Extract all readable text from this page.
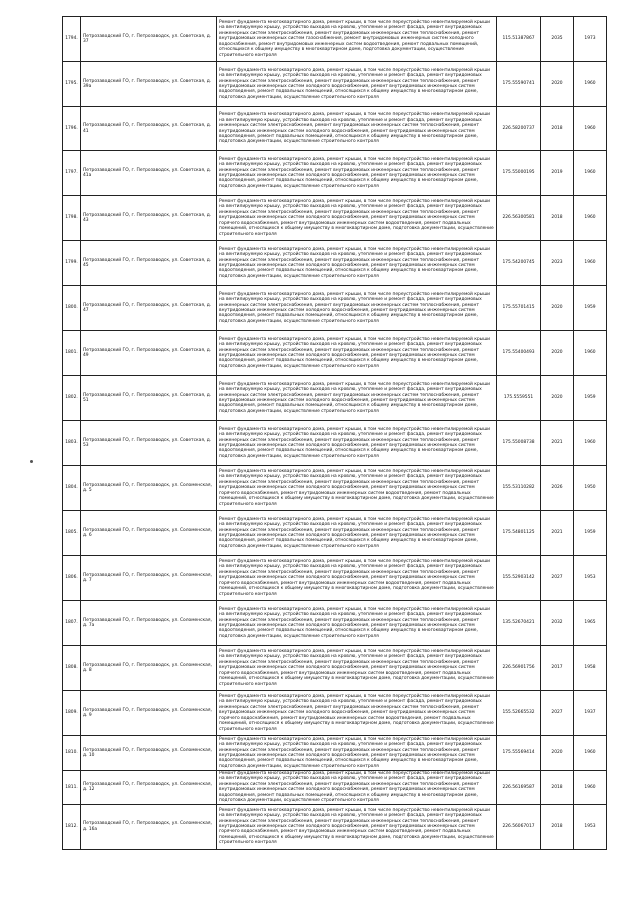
1794.	Петрозаводский ГО, г. Петрозаводск, ул. Советская, д. 37	Ремонт фундамента многоквартирного дома, ремонт крыши, в том числе переустройство невентилируемой крыши на вентилируемую крышу, устройство выходов на кровлю, утепление и ремонт фасада, ремонт внутридомовых инженерных систем электроснабжения, ремонт внутридомовых инженерных систем теплоснабжения, ремонт внутридомовых инженерных систем газоснабжения, ремонт внутридомовых инженерных систем холодного водоснабжения, ремонт внутридомовых инженерных систем водоотведения, ремонт подвальных помещений, относящихся к общему имуществу в многоквартирном доме, подготовка документации, осуществление строительного контроля	115.51387867	2035	1973
1795.	Петрозаводский ГО, г. Петрозаводск, ул. Советская, д. 39а	Ремонт фундамента многоквартирного дома, ремонт крыши, в том числе переустройство невентилируемой крыши на вентилируемую крышу, устройство выходов на кровлю, утепление и ремонт фасада, ремонт внутридомовых инженерных систем электроснабжения, ремонт внутридомовых инженерных систем теплоснабжения, ремонт внутридомовых инженерных систем холодного водоснабжения, ремонт внутридомовых инженерных систем водоотведения, ремонт подвальных помещений, относящихся к общему имуществу в многоквартирном доме, подготовка документации, осуществление строительного контроля	175.55590741	2020	1960
1796.	Петрозаводский ГО, г. Петрозаводск, ул. Советская, д. 41	Ремонт фундамента многоквартирного дома, ремонт крыши, в том числе переустройство невентилируемой крыши на вентилируемую крышу, устройство выходов на кровлю, утепление и ремонт фасада, ремонт внутридомовых инженерных систем электроснабжения, ремонт внутридомовых инженерных систем теплоснабжения, ремонт внутридомовых инженерных систем холодного водоснабжения, ремонт внутридомовых инженерных систем водоотведения, ремонт подвальных помещений, относящихся к общему имуществу в многоквартирном доме, подготовка документации, осуществление строительного контроля	226.58200737	2018	1960
1797.	Петрозаводский ГО, г. Петрозаводск, ул. Советская, д. 41а	Ремонт фундамента многоквартирного дома, ремонт крыши, в том числе переустройство невентилируемой крыши на вентилируемую крышу, устройство выходов на кровлю, утепление и ремонт фасада, ремонт внутридомовых инженерных систем электроснабжения, ремонт внутридомовых инженерных систем теплоснабжения, ремонт внутридомовых инженерных систем холодного водоснабжения, ремонт внутридомовых инженерных систем водоотведения, ремонт подвальных помещений, относящихся к общему имуществу в многоквартирном доме, подготовка документации, осуществление строительного контроля	175.55000195	2019	1960
1798.	Петрозаводский ГО, г. Петрозаводск, ул. Советская, д. 43	Ремонт фундамента многоквартирного дома, ремонт крыши, в том числе переустройство невентилируемой крыши на вентилируемую крышу, устройство выходов на кровлю, утепление и ремонт фасада, ремонт внутридомовых инженерных систем электроснабжения, ремонт внутридомовых инженерных систем теплоснабжения, ремонт внутридомовых инженерных систем холодного водоснабжения, ремонт внутридомовых инженерных систем горячего водоснабжения, ремонт внутридомовых инженерных систем водоотведения, ремонт подвальных помещений, относящихся к общему имуществу в многоквартирном доме, подготовка документации, осуществление строительного контроля	226.56300581	2018	1960
1799.	Петрозаводский ГО, г. Петрозаводск, ул. Советская, д. 45	Ремонт фундамента многоквартирного дома, ремонт крыши, в том числе переустройство невентилируемой крыши на вентилируемую крышу, устройство выходов на кровлю, утепление и ремонт фасада, ремонт внутридомовых инженерных систем электроснабжения, ремонт внутридомовых инженерных систем теплоснабжения, ремонт внутридомовых инженерных систем холодного водоснабжения, ремонт внутридомовых инженерных систем водоотведения, ремонт подвальных помещений, относящихся к общему имуществу в многоквартирном доме, подготовка документации, осуществление строительного контроля	175.54200745	2023	1960
1800.	Петрозаводский ГО, г. Петрозаводск, ул. Советская, д. 47	Ремонт фундамента многоквартирного дома, ремонт крыши, в том числе переустройство невентилируемой крыши на вентилируемую крышу, устройство выходов на кровлю, утепление и ремонт фасада, ремонт внутридомовых инженерных систем электроснабжения, ремонт внутридомовых инженерных систем теплоснабжения, ремонт внутридомовых инженерных систем холодного водоснабжения, ремонт внутридомовых инженерных систем водоотведения, ремонт подвальных помещений, относящихся к общему имуществу в многоквартирном доме, подготовка документации, осуществление строительного контроля	175.55701415	2020	1959
1801.	Петрозаводский ГО, г. Петрозаводск, ул. Советская, д. 49	Ремонт фундамента многоквартирного дома, ремонт крыши, в том числе переустройство невентилируемой крыши на вентилируемую крышу, устройство выходов на кровлю, утепление и ремонт фасада, ремонт внутридомовых инженерных систем электроснабжения, ремонт внутридомовых инженерных систем теплоснабжения, ремонт внутридомовых инженерных систем холодного водоснабжения, ремонт внутридомовых инженерных систем водоотведения, ремонт подвальных помещений, относящихся к общему имуществу в многоквартирном доме, подготовка документации, осуществление строительного контроля	175.55400493	2020	1960
1802.	Петрозаводский ГО, г. Петрозаводск, ул. Советская, д. 51	Ремонт фундамента многоквартирного дома, ремонт крыши, в том числе переустройство невентилируемой крыши на вентилируемую крышу, устройство выходов на кровлю, утепление и ремонт фасада, ремонт внутридомовых инженерных систем электроснабжения, ремонт внутридомовых инженерных систем теплоснабжения, ремонт внутридомовых инженерных систем холодного водоснабжения, ремонт внутридомовых инженерных систем водоотведения, ремонт подвальных помещений, относящихся к общему имуществу в многоквартирном доме, подготовка документации, осуществление строительного контроля	175.5559551	2020	1959
1803.	Петрозаводский ГО, г. Петрозаводск, ул. Советская, д. 53	Ремонт фундамента многоквартирного дома, ремонт крыши, в том числе переустройство невентилируемой крыши на вентилируемую крышу, устройство выходов на кровлю, утепление и ремонт фасада, ремонт внутридомовых инженерных систем электроснабжения, ремонт внутридомовых инженерных систем теплоснабжения, ремонт внутридомовых инженерных систем холодного водоснабжения, ремонт внутридомовых инженерных систем водоотведения, ремонт подвальных помещений, относящихся к общему имуществу в многоквартирном доме, подготовка документации, осуществление строительного контроля	175.55008738	2021	1960
1804.	Петрозаводский ГО, г. Петрозаводск, ул. Соломенская, д. 5	Ремонт фундамента многоквартирного дома, ремонт крыши, в том числе переустройство невентилируемой крыши на вентилируемую крышу, устройство выходов на кровлю, утепление и ремонт фасада, ремонт внутридомовых инженерных систем электроснабжения, ремонт внутридомовых инженерных систем теплоснабжения, ремонт внутридомовых инженерных систем холодного водоснабжения, ремонт внутридомовых инженерных систем горячего водоснабжения, ремонт внутридомовых инженерных систем водоотведения, ремонт подвальных помещений, относящихся к общему имуществу в многоквартирном доме, подготовка документации, осуществление строительного контроля	155.53110282	2026	1950
1805.	Петрозаводский ГО, г. Петрозаводск, ул. Соломенская, д. 6	Ремонт фундамента многоквартирного дома, ремонт крыши, в том числе переустройство невентилируемой крыши на вентилируемую крышу, устройство выходов на кровлю, утепление и ремонт фасада, ремонт внутридомовых инженерных систем электроснабжения, ремонт внутридомовых инженерных систем теплоснабжения, ремонт внутридомовых инженерных систем холодного водоснабжения, ремонт внутридомовых инженерных систем водоотведения, ремонт подвальных помещений, относящихся к общему имуществу в многоквартирном доме, подготовка документации, осуществление строительного контроля	175.54801125	2021	1959
1806.	Петрозаводский ГО, г. Петрозаводск, ул. Соломенская, д. 7	Ремонт фундамента многоквартирного дома, ремонт крыши, в том числе переустройство невентилируемой крыши на вентилируемую крышу, устройство выходов на кровлю, утепление и ремонт фасада, ремонт внутридомовых инженерных систем электроснабжения, ремонт внутридомовых инженерных систем теплоснабжения, ремонт внутридомовых инженерных систем холодного водоснабжения, ремонт внутридомовых инженерных систем горячего водоснабжения, ремонт внутридомовых инженерных систем водоотведения, ремонт подвальных помещений, относящихся к общему имуществу в многоквартирном доме, подготовка документации, осуществление строительного контроля	155.52903142	2027	1953
1807.	Петрозаводский ГО, г. Петрозаводск, ул. Соломенская, д. 7а	Ремонт фундамента многоквартирного дома, ремонт крыши, в том числе переустройство невентилируемой крыши на вентилируемую крышу, устройство выходов на кровлю, утепление и ремонт фасада, ремонт внутридомовых инженерных систем электроснабжения, ремонт внутридомовых инженерных систем теплоснабжения, ремонт внутридомовых инженерных систем холодного водоснабжения, ремонт внутридомовых инженерных систем водоотведения, ремонт подвальных помещений, относящихся к общему имуществу в многоквартирном доме, подготовка документации, осуществление строительного контроля	135.52670421	2032	1965
1808.	Петрозаводский ГО, г. Петрозаводск, ул. Соломенская, д. 8	Ремонт фундамента многоквартирного дома, ремонт крыши, в том числе переустройство невентилируемой крыши на вентилируемую крышу, устройство выходов на кровлю, утепление и ремонт фасада, ремонт внутридомовых инженерных систем электроснабжения, ремонт внутридомовых инженерных систем теплоснабжения, ремонт внутридомовых инженерных систем холодного водоснабжения, ремонт внутридомовых инженерных систем горячего водоснабжения, ремонт внутридомовых инженерных систем водоотведения, ремонт подвальных помещений, относящихся к общему имуществу в многоквартирном доме, подготовка документации, осуществление строительного контроля	226.56901756	2017	1958
1809.	Петрозаводский ГО, г. Петрозаводск, ул. Соломенская, д. 9	Ремонт фундамента многоквартирного дома, ремонт крыши, в том числе переустройство невентилируемой крыши на вентилируемую крышу, устройство выходов на кровлю, утепление и ремонт фасада, ремонт внутридомовых инженерных систем электроснабжения, ремонт внутридомовых инженерных систем теплоснабжения, ремонт внутридомовых инженерных систем холодного водоснабжения, ремонт внутридомовых инженерных систем горячего водоснабжения, ремонт внутридомовых инженерных систем водоотведения, ремонт подвальных помещений, относящихся к общему имуществу в многоквартирном доме, подготовка документации, осуществление строительного контроля	155.52665532	2027	1937
1810.	Петрозаводский ГО, г. Петрозаводск, ул. Соломенская, д. 10	Ремонт фундамента многоквартирного дома, ремонт крыши, в том числе переустройство невентилируемой крыши на вентилируемую крышу, устройство выходов на кровлю, утепление и ремонт фасада, ремонт внутридомовых инженерных систем электроснабжения, ремонт внутридомовых инженерных систем теплоснабжения, ремонт внутридомовых инженерных систем холодного водоснабжения, ремонт внутридомовых инженерных систем водоотведения, ремонт подвальных помещений, относящихся к общему имуществу в многоквартирном доме, подготовка документации, осуществление строительного контроля	175.55569414	2020	1960
1811.	Петрозаводский ГО, г. Петрозаводск, ул. Соломенская, д. 12	Ремонт фундамента многоквартирного дома, ремонт крыши, в том числе переустройство невентилируемой крыши на вентилируемую крышу, устройство выходов на кровлю, утепление и ремонт фасада, ремонт внутридомовых инженерных систем электроснабжения, ремонт внутридомовых инженерных систем теплоснабжения, ремонт внутридомовых инженерных систем холодного водоснабжения, ремонт внутридомовых инженерных систем водоотведения, ремонт подвальных помещений, относящихся к общему имуществу в многоквартирном доме, подготовка документации, осуществление строительного контроля	226.56169587	2018	1960
1812.	Петрозаводский ГО, г. Петрозаводск, ул. Соломенская, д. 16а	Ремонт фундамента многоквартирного дома, ремонт крыши, в том числе переустройство невентилируемой крыши на вентилируемую крышу, устройство выходов на кровлю, утепление и ремонт фасада, ремонт внутридомовых инженерных систем электроснабжения, ремонт внутридомовых инженерных систем теплоснабжения, ремонт внутридомовых инженерных систем холодного водоснабжения, ремонт внутридомовых инженерных систем горячего водоснабжения, ремонт внутридомовых инженерных систем водоотведения, ремонт подвальных помещений, относящихся к общему имуществу в многоквартирном доме, подготовка документации, осуществление строительного контроля	226.56067017	2018	1953
